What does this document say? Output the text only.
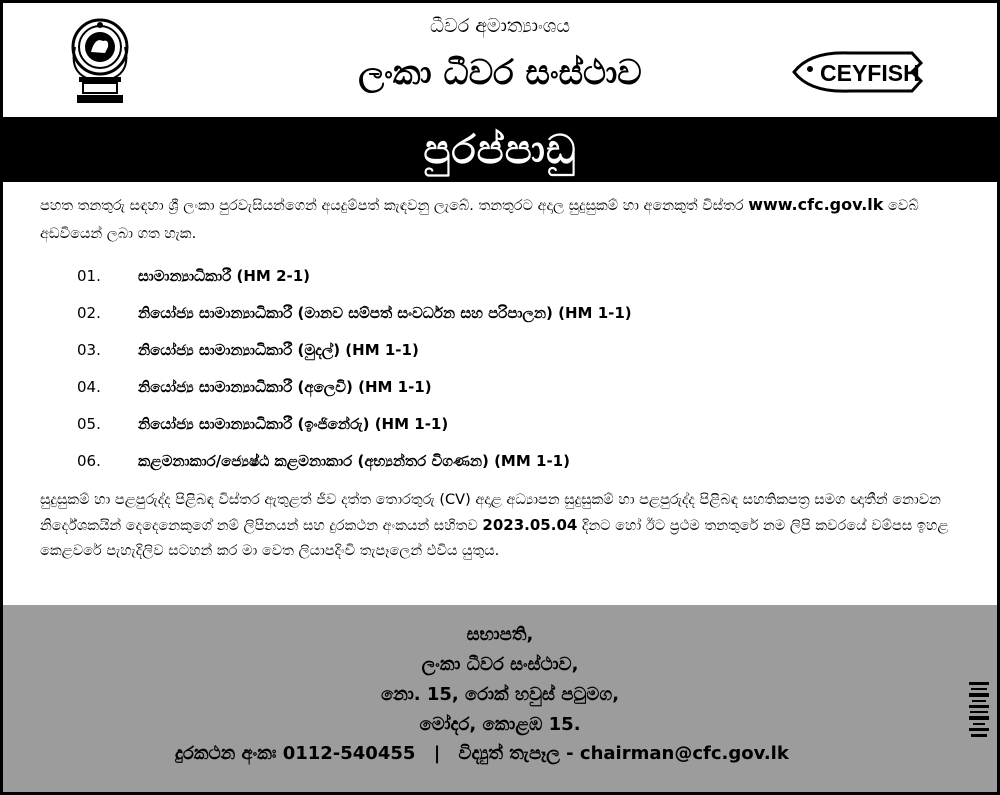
ධීවර අමාත්‍යාංශය
ලංකා ධීවර සංස්ථාව	CEYFISH
පුරප්පාඩු

පහත තනතුරු සඳහා ශ්‍රී ලංකා පුරවැසියන්ගෙන් අයදුම්පත් කැඳවනු ලැබේ. තනතුරට අදාල සුදුසුකම් හා අනෙකුත් විස්තර www.cfc.gov.lk වෙබ් අඩවියෙන් ලබා ගත හැක.

01.	සාමාන්‍යාධිකාරී (HM 2-1)
02.	නියෝජ්‍ය සාමාන්‍යාධිකාරී (මානව සම්පත් සංවර්ධන සහ පරිපාලන) (HM 1-1)
03.	නියෝජ්‍ය සාමාන්‍යාධිකාරී (මුදල්) (HM 1-1)
04.	නියෝජ්‍ය සාමාන්‍යාධිකාරී (අලෙවි) (HM 1-1)
05.	නියෝජ්‍ය සාමාන්‍යාධිකාරී (ඉංජිනේරු) (HM 1-1)
06.	කළමනාකාර/ජ්‍යෙෂ්ඨ කළමනාකාර (අභ්‍යන්තර විගණන) (MM 1-1)

සුදුසුකම් හා පළපුරුද්ද පිළිබඳ විස්තර ඇතුළත් ජීව දත්ත තොරතුරු (CV) අදාළ අධ්‍යාපන සුදුසුකම් හා පළපුරුද්ද පිළිබඳ සහතිකපත්‍ර සමග ඥාතීන් නොවන නිර්දේශකයින් දෙදෙනෙකුගේ නම් ලිපිනයන් සහ දුරකථන අංකයන් සහිතව 2023.05.04 දිනට හෝ ඊට ප්‍රථම තනතුරේ නම ලිපි කවරයේ වම්පස ඉහළ කෙළවරේ පැහැදිලිව සටහන් කර මා වෙත ලියාපදිංචි තැපෑලෙන් එවිය යුතුය.

සභාපති,
ලංකා ධීවර සංස්ථාව,
නො. 15, රොක් හවුස් පටුමග,
මෝදර, කොළඹ 15.
දුරකථන අංකඃ 0112-540455 | විද්‍යුත් තැපෑල - chairman@cfc.gov.lk
